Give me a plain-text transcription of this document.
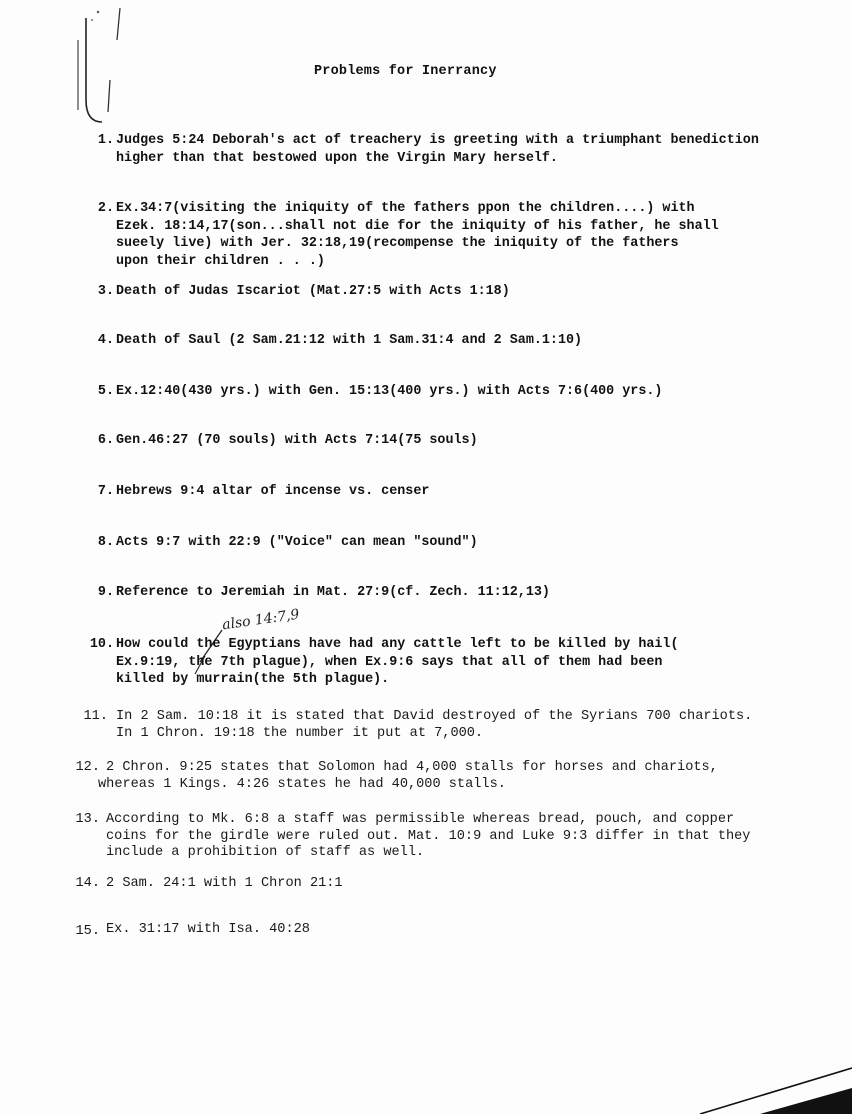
Problems for Inerrancy
also 14:7,9
1. Judges 5:24 Deborah's act of treachery is greeting with a triumphant benediction
higher than that bestowed upon the Virgin Mary herself.
2. Ex.34:7(visiting the iniquity of the fathers ppon the children....) with
Ezek. 18:14,17(son...shall not die for the iniquity of his father, he shall
sueely live) with Jer. 32:18,19(recompense the iniquity of the fathers
upon their children . . .)
3. Death of Judas Iscariot (Mat.27:5 with Acts 1:18)
4. Death of Saul (2 Sam.21:12 with 1 Sam.31:4 and 2 Sam.1:10)
5. Ex.12:40(430 yrs.) with Gen. 15:13(400 yrs.) with Acts 7:6(400 yrs.)
6. Gen.46:27 (70 souls) with Acts 7:14(75 souls)
7. Hebrews 9:4 altar of incense vs. censer
8. Acts 9:7 with 22:9 ("Voice" can mean "sound")
9. Reference to Jeremiah in Mat. 27:9(cf. Zech. 11:12,13)
10. How could the Egyptians have had any cattle left to be killed by hail(
Ex.9:19, the 7th plague), when Ex.9:6 says that all of them had been
killed by murrain(the 5th plague).
11. In 2 Sam. 10:18 it is stated that David destroyed of the Syrians 700 chariots.
In 1 Chron. 19:18 the number it put at 7,000.
12. 2 Chron. 9:25 states that Solomon had 4,000 stalls for horses and chariots,
whereas 1 Kings. 4:26 states he had 40,000 stalls.
13. According to Mk. 6:8 a staff was permissible whereas bread, pouch, and copper
coins for the girdle were ruled out. Mat. 10:9 and Luke 9:3 differ in that they
include a prohibition of staff as well.
14. 2 Sam. 24:1 with 1 Chron 21:1
15. Ex. 31:17 with Isa. 40:28
